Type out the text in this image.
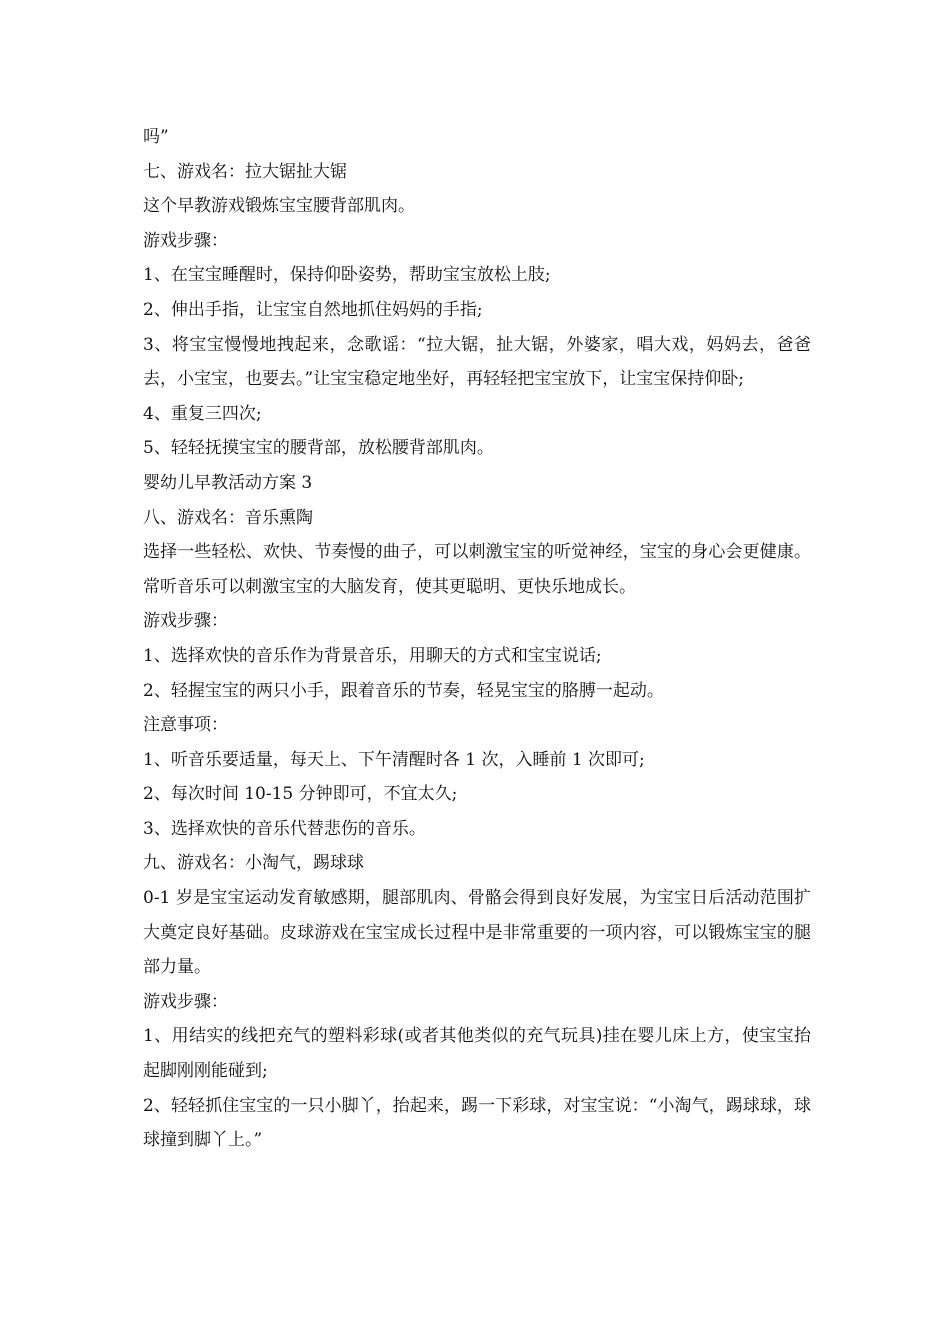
吗”

七、游戏名：拉大锯扯大锯

这个早教游戏锻炼宝宝腰背部肌肉。

游戏步骤：

1、在宝宝睡醒时，保持仰卧姿势，帮助宝宝放松上肢;

2、伸出手指，让宝宝自然地抓住妈妈的手指;

3、将宝宝慢慢地拽起来，念歌谣：“拉大锯，扯大锯，外婆家，唱大戏，妈妈去，爸爸去，小宝宝，也要去。”让宝宝稳定地坐好，再轻轻把宝宝放下，让宝宝保持仰卧;

4、重复三四次;

5、轻轻抚摸宝宝的腰背部，放松腰背部肌肉。

婴幼儿早教活动方案 3

八、游戏名：音乐熏陶

选择一些轻松、欢快、节奏慢的曲子，可以刺激宝宝的听觉神经，宝宝的身心会更健康。常听音乐可以刺激宝宝的大脑发育，使其更聪明、更快乐地成长。

游戏步骤：

1、选择欢快的音乐作为背景音乐，用聊天的方式和宝宝说话;

2、轻握宝宝的两只小手，跟着音乐的节奏，轻晃宝宝的胳膊一起动。

注意事项：

1、听音乐要适量，每天上、下午清醒时各 1 次，入睡前 1 次即可;

2、每次时间 10-15 分钟即可，不宜太久;

3、选择欢快的音乐代替悲伤的音乐。

九、游戏名：小淘气，踢球球

0-1 岁是宝宝运动发育敏感期，腿部肌肉、骨骼会得到良好发展，为宝宝日后活动范围扩大奠定良好基础。皮球游戏在宝宝成长过程中是非常重要的一项内容，可以锻炼宝宝的腿部力量。

游戏步骤：

1、用结实的线把充气的塑料彩球(或者其他类似的充气玩具)挂在婴儿床上方，使宝宝抬起脚刚刚能碰到;

2、轻轻抓住宝宝的一只小脚丫，抬起来，踢一下彩球，对宝宝说：“小淘气，踢球球，球球撞到脚丫上。”
